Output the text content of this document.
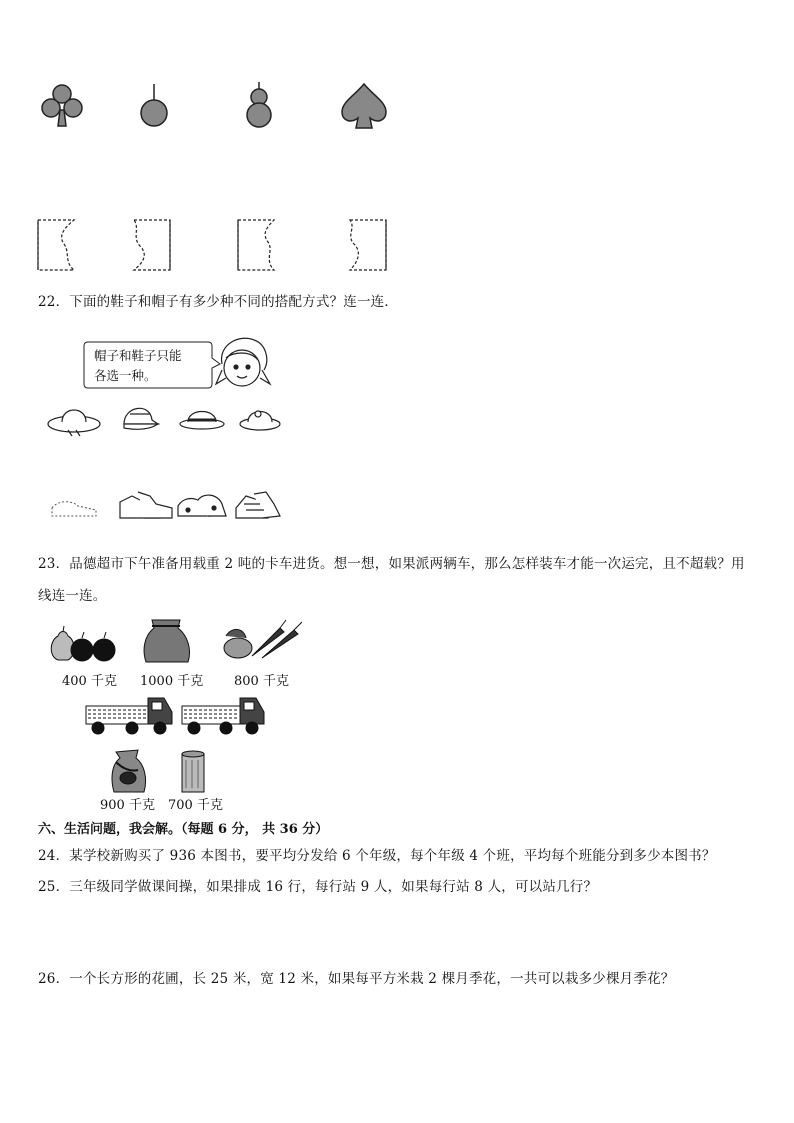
22．下面的鞋子和帽子有多少种不同的搭配方式？连一连．
帽子和鞋子只能
各选一种。
23．品德超市下午准备用载重 2 吨的卡车进货。想一想，如果派两辆车，那么怎样装车才能一次运完，且不超载？用
线连一连。
400 千克 1000 千克 800 千克
900 千克 700 千克
六、生活问题，我会解。（每题 6 分， 共 36 分）
24．某学校新购买了 936 本图书，要平均分发给 6 个年级，每个年级 4 个班，平均每个班能分到多少本图书？
25．三年级同学做课间操，如果排成 16 行，每行站 9 人，如果每行站 8 人，可以站几行？
26．一个长方形的花圃，长 25 米，宽 12 米，如果每平方米栽 2 棵月季花，一共可以栽多少棵月季花？
